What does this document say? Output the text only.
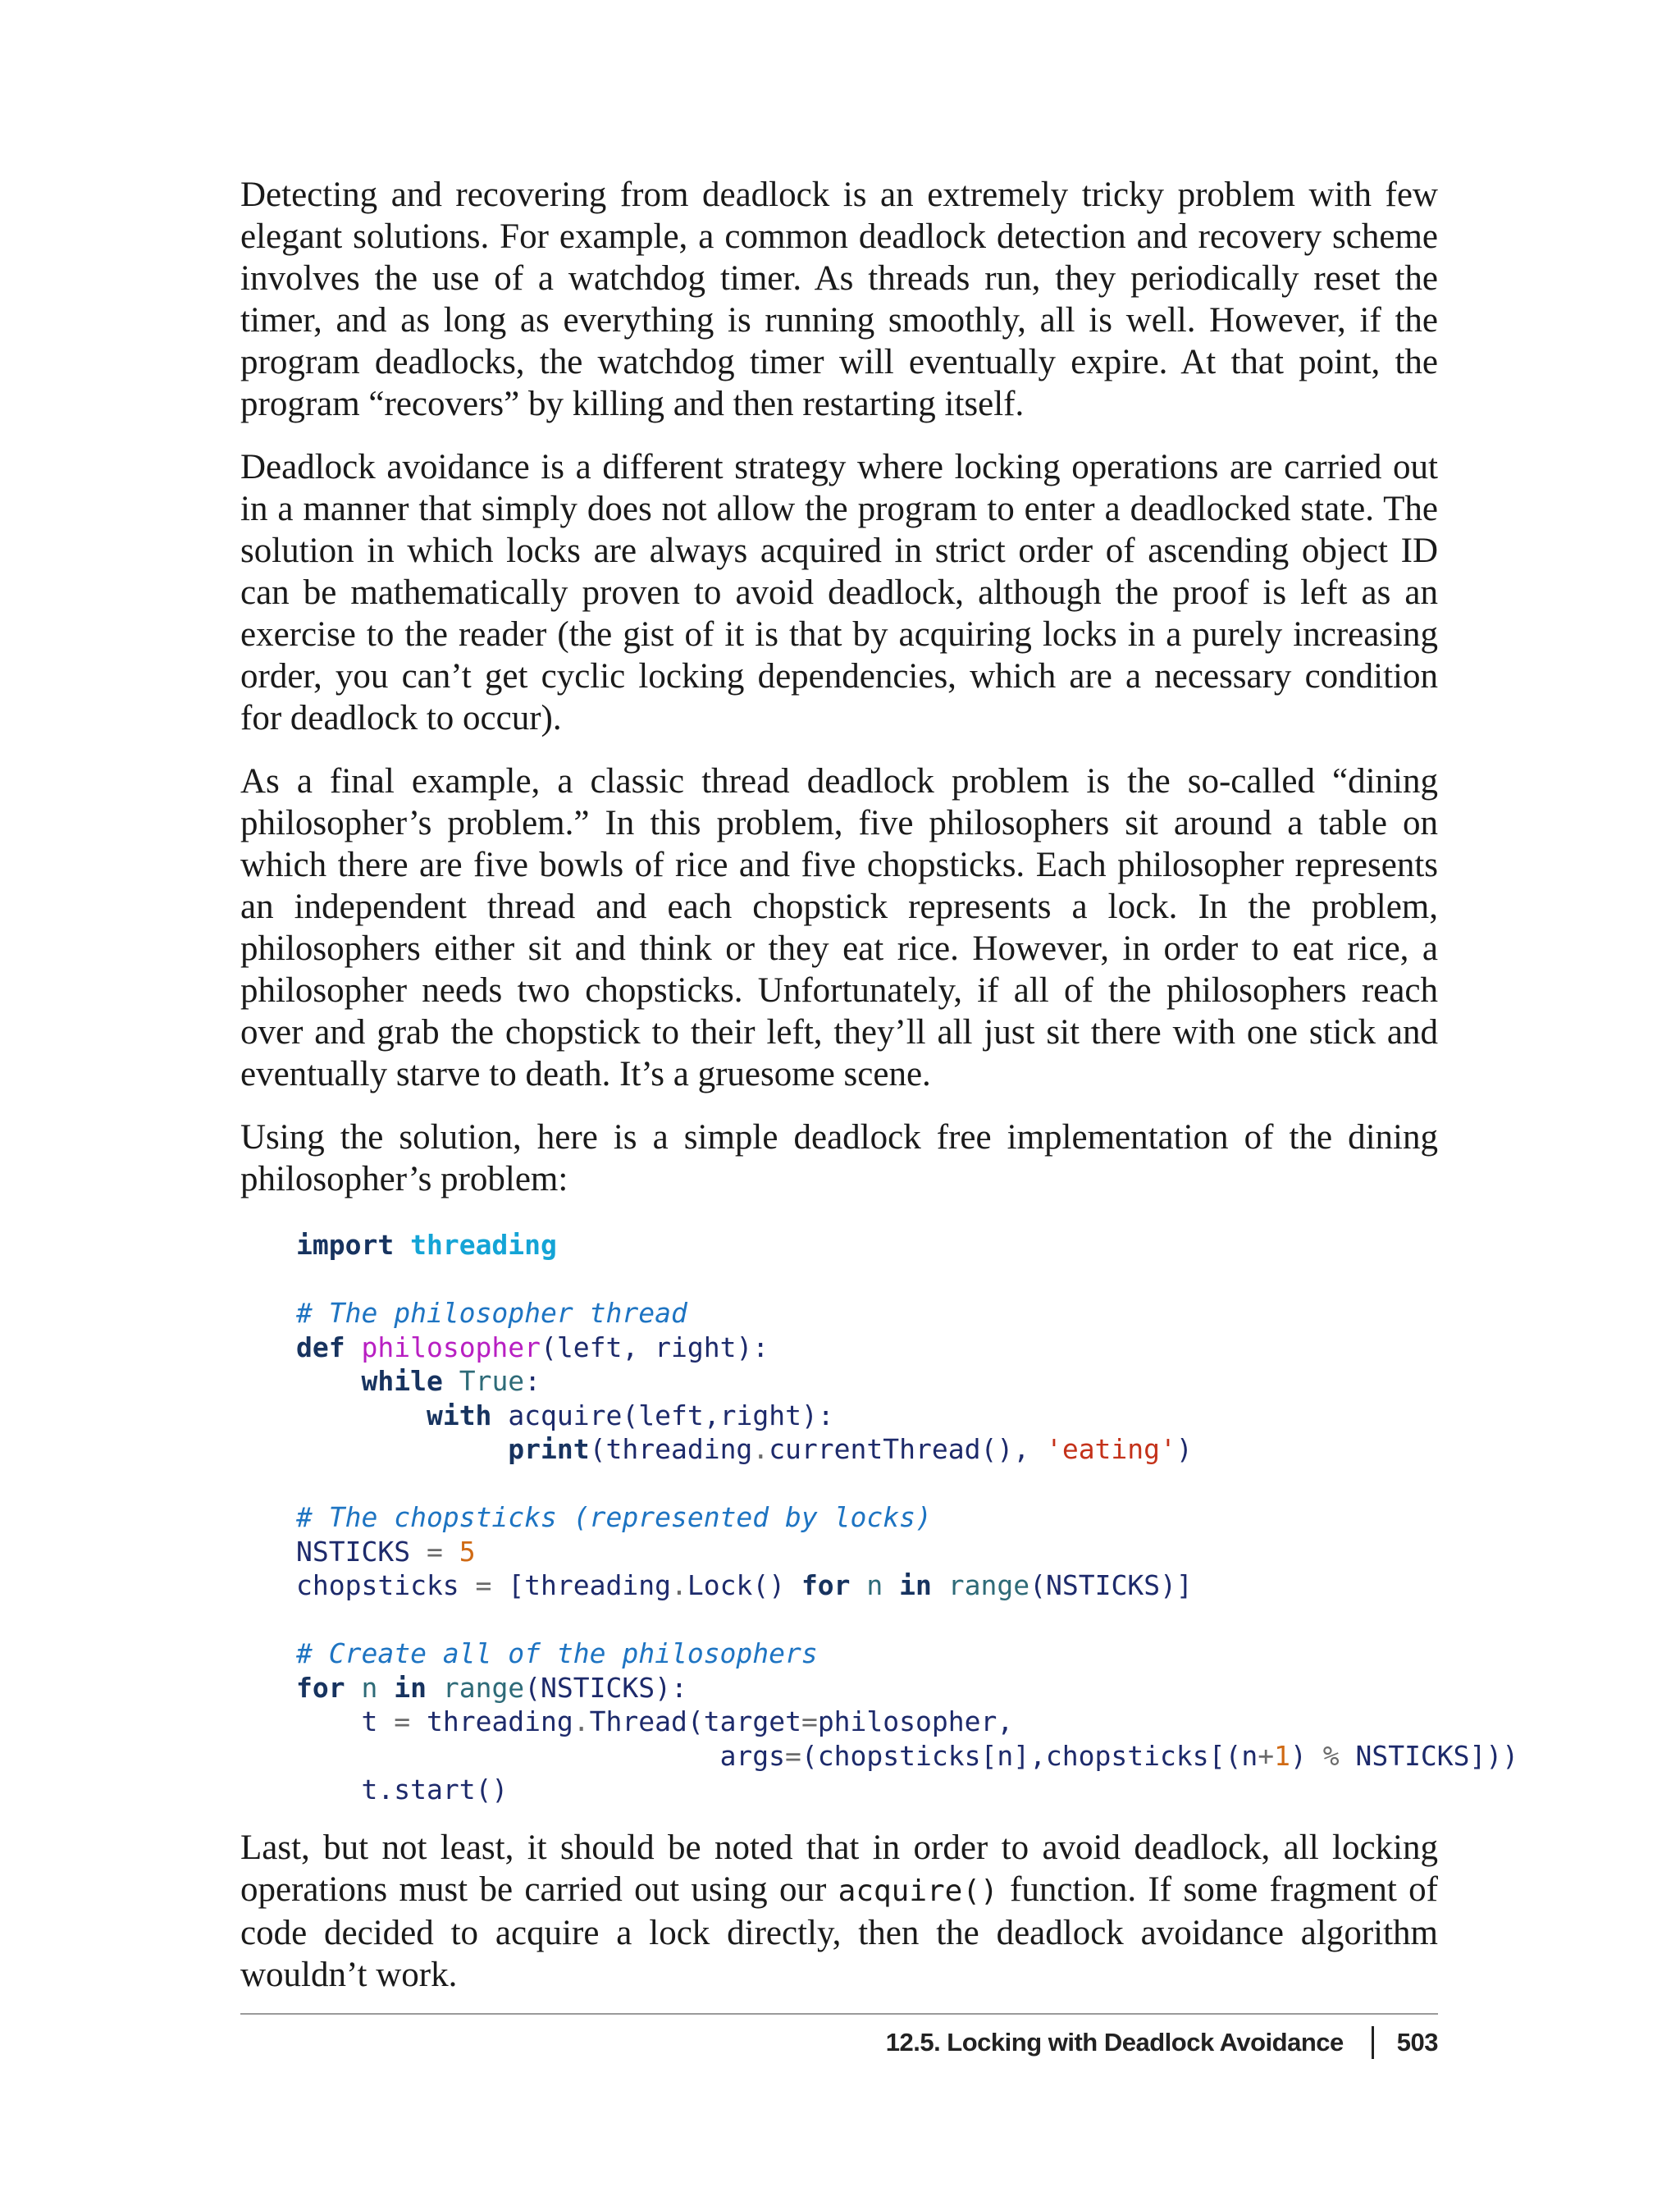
Detecting and recovering from deadlock is an extremely tricky problem with few elegant solutions. For example, a common deadlock detection and recovery scheme involves the use of a watchdog timer. As threads run, they periodically reset the timer, and as long as everything is running smoothly, all is well. However, if the program deadlocks, the watchdog timer will eventually expire. At that point, the program “recovers” by killing and then restarting itself.

Deadlock avoidance is a different strategy where locking operations are carried out in a manner that simply does not allow the program to enter a deadlocked state. The solution in which locks are always acquired in strict order of ascending object ID can be mathematically proven to avoid deadlock, although the proof is left as an exercise to the reader (the gist of it is that by acquiring locks in a purely increasing order, you can’t get cyclic locking dependencies, which are a necessary condition for deadlock to occur).

As a final example, a classic thread deadlock problem is the so-called “dining philosopher’s problem.” In this problem, five philosophers sit around a table on which there are five bowls of rice and five chopsticks. Each philosopher represents an independent thread and each chopstick represents a lock. In the problem, philosophers either sit and think or they eat rice. However, in order to eat rice, a philosopher needs two chopsticks. Unfortunately, if all of the philosophers reach over and grab the chopstick to their left, they’ll all just sit there with one stick and eventually starve to death. It’s a gruesome scene.

Using the solution, here is a simple deadlock free implementation of the dining philosopher’s problem:

import threading
# The philosopher thread
def philosopher(left, right):
while True:
with acquire(left,right):
print(threading.currentThread(), 'eating')
# The chopsticks (represented by locks)
NSTICKS = 5
chopsticks = [threading.Lock() for n in range(NSTICKS)]
# Create all of the philosophers
for n in range(NSTICKS):
t = threading.Thread(target=philosopher,
args=(chopsticks[n],chopsticks[(n+1) % NSTICKS]))
t.start()

Last, but not least, it should be noted that in order to avoid deadlock, all locking operations must be carried out using our acquire() function. If some fragment of code decided to acquire a lock directly, then the deadlock avoidance algorithm wouldn’t work.

12.5. Locking with Deadlock Avoidance 503
